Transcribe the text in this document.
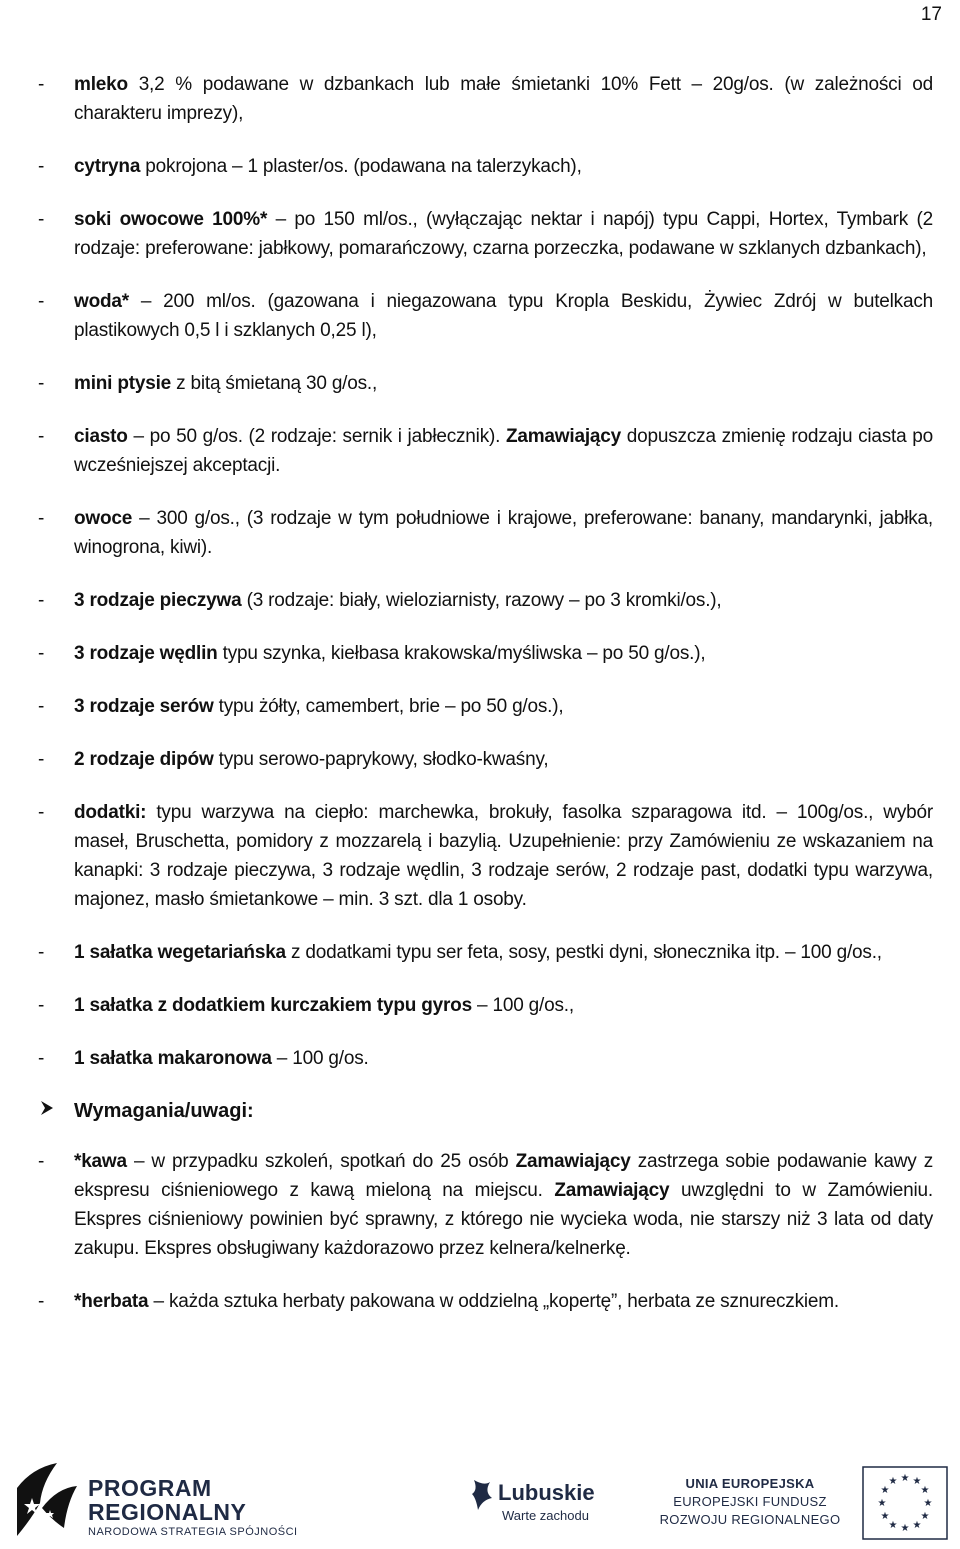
17
-	mleko 3,2 % podawane w dzbankach lub małe śmietanki 10% Fett – 20g/os. (w zależności od charakteru imprezy),
-	cytryna pokrojona – 1 plaster/os. (podawana na talerzykach),
-	soki owocowe 100%* – po 150 ml/os., (wyłączając nektar i napój) typu Cappi, Hortex, Tymbark (2 rodzaje: preferowane: jabłkowy, pomarańczowy, czarna porzeczka, podawane w szklanych dzbankach),
-	woda* – 200 ml/os. (gazowana i niegazowana typu Kropla Beskidu, Żywiec Zdrój w butelkach plastikowych 0,5 l i szklanych 0,25 l),
-	mini ptysie z bitą śmietaną 30 g/os.,
-	ciasto – po 50 g/os. (2 rodzaje: sernik i jabłecznik). Zamawiający dopuszcza zmienię rodzaju ciasta po wcześniejszej akceptacji.
-	owoce – 300 g/os., (3 rodzaje w tym południowe i krajowe, preferowane: banany, mandarynki, jabłka, winogrona, kiwi).
-	3 rodzaje pieczywa (3 rodzaje: biały, wieloziarnisty, razowy – po 3 kromki/os.),
-	3 rodzaje wędlin typu szynka, kiełbasa krakowska/myśliwska – po 50 g/os.),
-	3 rodzaje serów typu żółty, camembert, brie – po 50 g/os.),
-	2 rodzaje dipów typu serowo-paprykowy, słodko-kwaśny,
-	dodatki: typu warzywa na ciepło: marchewka, brokuły, fasolka szparagowa itd. – 100g/os., wybór maseł, Bruschetta, pomidory z mozzarelą i bazylią. Uzupełnienie: przy Zamówieniu ze wskazaniem na kanapki: 3 rodzaje pieczywa, 3 rodzaje wędlin, 3 rodzaje serów, 2 rodzaje past, dodatki typu warzywa, majonez, masło śmietankowe – min. 3 szt. dla 1 osoby.
-	1 sałatka wegetariańska z dodatkami typu ser feta, sosy, pestki dyni, słonecznika itp. – 100 g/os.,
-	1 sałatka z dodatkiem kurczakiem typu gyros – 100 g/os.,
-	1 sałatka makaronowa – 100 g/os.
Wymagania/uwagi:
-	*kawa – w przypadku szkoleń, spotkań do 25 osób Zamawiający zastrzega sobie podawanie kawy z ekspresu ciśnieniowego z kawą mieloną na miejscu. Zamawiający uwzględni to w Zamówieniu. Ekspres ciśnieniowy powinien być sprawny, z którego nie wycieka woda, nie starszy niż 3 lata od daty zakupu. Ekspres obsługiwany każdorazowo przez kelnera/kelnerkę.
-	*herbata – każda sztuka herbaty pakowana w oddzielną „kopertę”, herbata ze sznureczkiem.
PROGRAM
REGIONALNY
NARODOWA STRATEGIA SPÓJNOŚCI
Lubuskie
Warte zachodu
UNIA EUROPEJSKA
EUROPEJSKI FUNDUSZ
ROZWOJU REGIONALNEGO
★ ★
★
★
★
★
★
★
★
★
★
★
